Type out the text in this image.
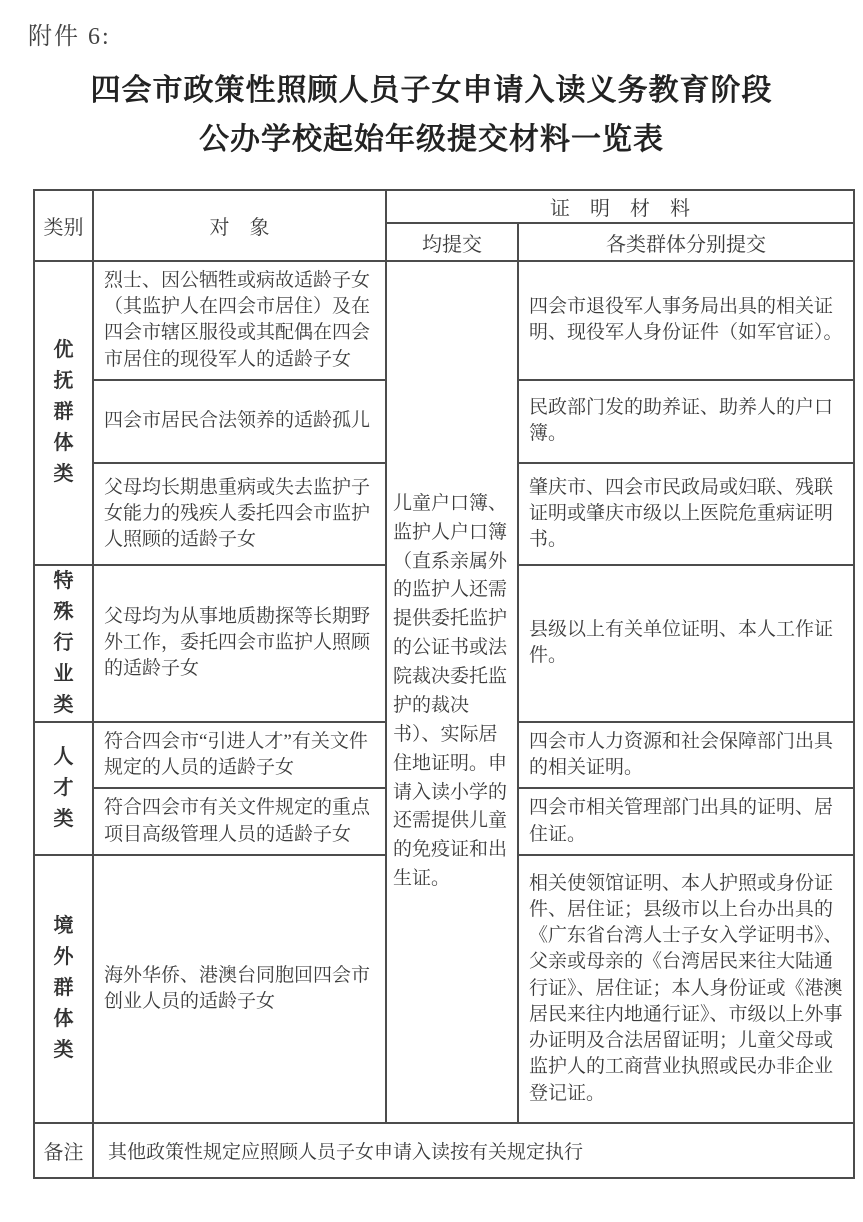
附件 6:
四会市政策性照顾人员子女申请入读义务教育阶段
公办学校起始年级提交材料一览表
类别	对　象	证　明　材　料	
		均提交	各类群体分别提交

优抚群体类	烈士、因公牺牲或病故适龄子女（其监护人在四会市居住）及在四会市辖区服役或其配偶在四会市居住的现役军人的适龄子女	儿童户口簿、监护人户口簿（直系亲属外的监护人还需提供委托监护的公证书或法院裁决委托监护的裁决书）、实际居住地证明。申请入读小学的还需提供儿童的免疫证和出生证。	四会市退役军人事务局出具的相关证明、现役军人身份证件（如军官证）。
	四会市居民合法领养的适龄孤儿		民政部门发的助养证、助养人的户口簿。
	父母均长期患重病或失去监护子女能力的残疾人委托四会市监护人照顾的适龄子女		肇庆市、四会市民政局或妇联、残联证明或肇庆市级以上医院危重病证明书。

特殊行业类	父母均为从事地质勘探等长期野外工作，委托四会市监护人照顾的适龄子女		县级以上有关单位证明、本人工作证件。

人才类	符合四会市“引进人才”有关文件规定的人员的适龄子女		四会市人力资源和社会保障部门出具的相关证明。
	符合四会市有关文件规定的重点项目高级管理人员的适龄子女		四会市相关管理部门出具的证明、居住证。

境外群体类	海外华侨、港澳台同胞回四会市创业人员的适龄子女		相关使领馆证明、本人护照或身份证件、居住证；县级市以上台办出具的《广东省台湾人士子女入学证明书》、父亲或母亲的《台湾居民来往大陆通行证》、居住证；本人身份证或《港澳居民来往内地通行证》、市级以上外事办证明及合法居留证明；儿童父母或监护人的工商营业执照或民办非企业登记证。
备注	其他政策性规定应照顾人员子女申请入读按有关规定执行		
